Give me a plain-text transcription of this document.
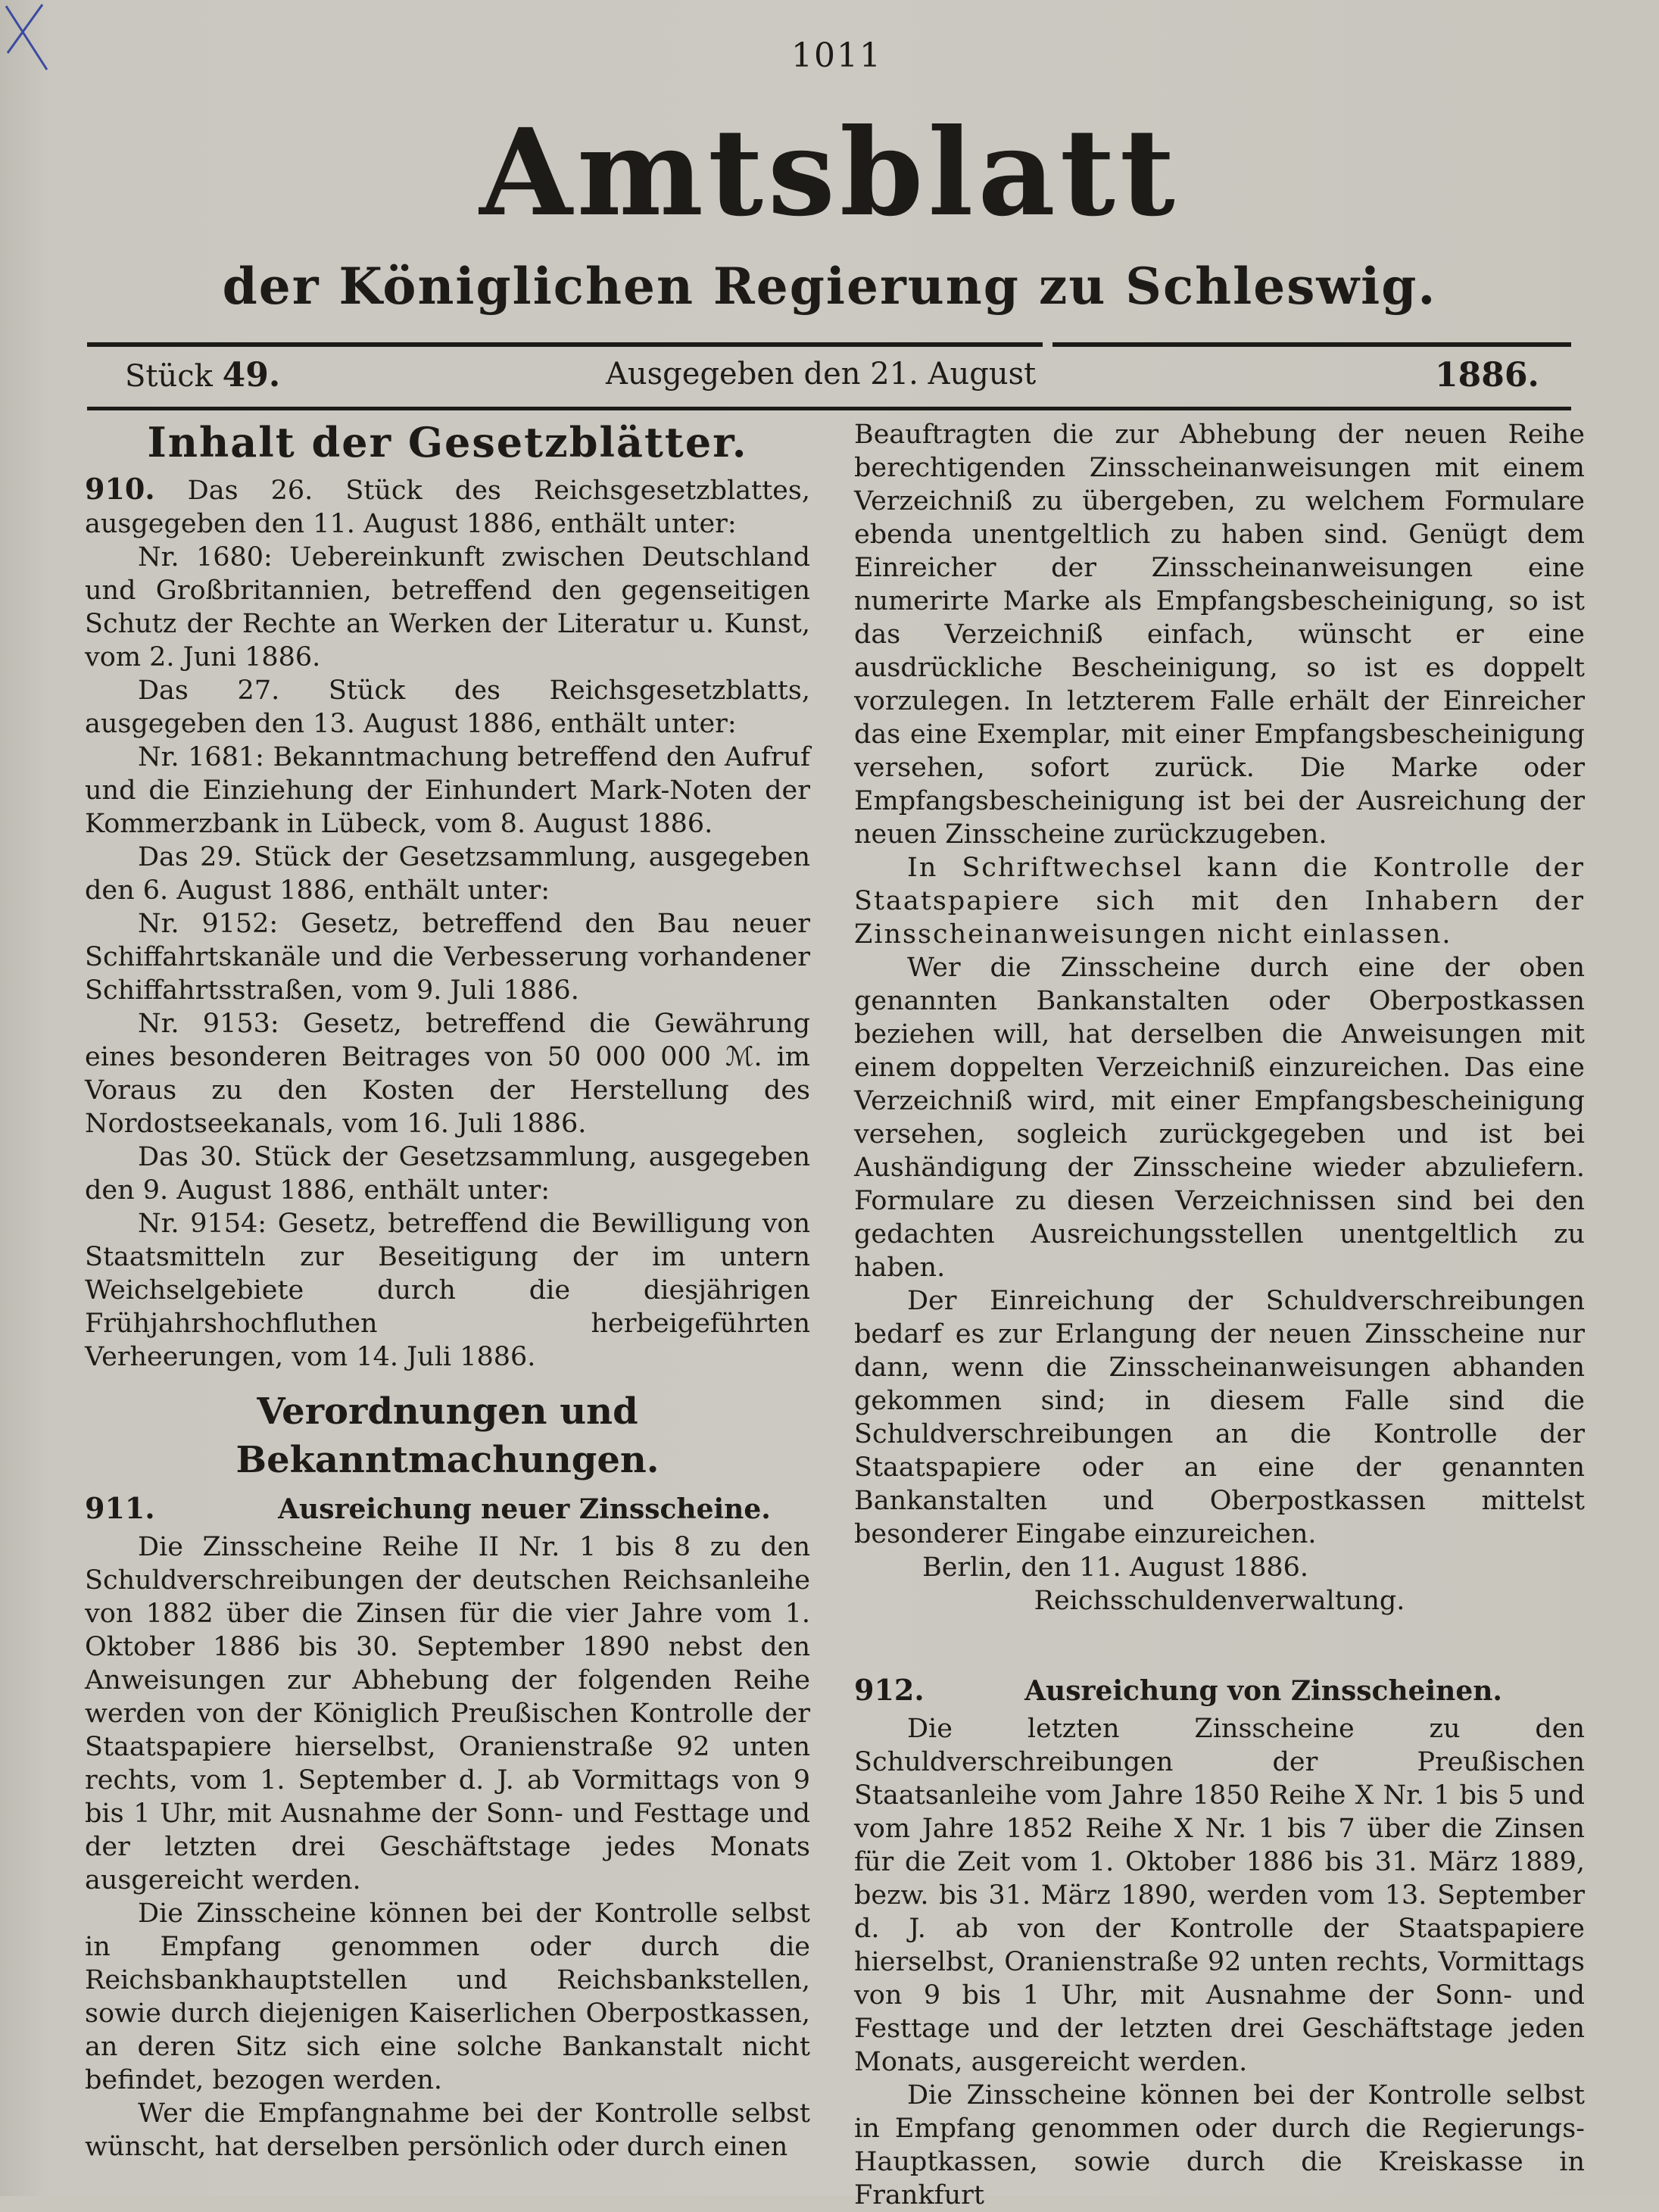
1011
Amtsblatt
der Königlichen Regierung zu Schleswig.
Stück 49.	Ausgegeben den 21. August	1886.
Inhalt der Gesetzblätter.

910. Das 26. Stück des Reichsgesetzblattes, ausgegeben den 11. August 1886, enthält unter:

Nr. 1680: Uebereinkunft zwischen Deutschland und Großbritannien, betreffend den gegenseitigen Schutz der Rechte an Werken der Literatur u. Kunst, vom 2. Juni 1886.

Das 27. Stück des Reichsgesetzblatts, ausgegeben den 13. August 1886, enthält unter:

Nr. 1681: Bekanntmachung betreffend den Aufruf und die Einziehung der Einhundert Mark-Noten der Kommerzbank in Lübeck, vom 8. August 1886.

Das 29. Stück der Gesetzsammlung, ausgegeben den 6. August 1886, enthält unter:

Nr. 9152: Gesetz, betreffend den Bau neuer Schiffahrtskanäle und die Verbesserung vorhandener Schiffahrtsstraßen, vom 9. Juli 1886.

Nr. 9153: Gesetz, betreffend die Gewährung eines besonderen Beitrages von 50 000 000 ℳ. im Voraus zu den Kosten der Herstellung des Nordostseekanals, vom 16. Juli 1886.

Das 30. Stück der Gesetzsammlung, ausgegeben den 9. August 1886, enthält unter:

Nr. 9154: Gesetz, betreffend die Bewilligung von Staatsmitteln zur Beseitigung der im untern Weichselgebiete durch die diesjährigen Frühjahrshochfluthen herbeigeführten Verheerungen, vom 14. Juli 1886.

Verordnungen und Bekanntmachungen.
911.	Ausreichung neuer Zinsscheine.

Die Zinsscheine Reihe II Nr. 1 bis 8 zu den Schuldverschreibungen der deutschen Reichsanleihe von 1882 über die Zinsen für die vier Jahre vom 1. Oktober 1886 bis 30. September 1890 nebst den Anweisungen zur Abhebung der folgenden Reihe werden von der Königlich Preußischen Kontrolle der Staatspapiere hierselbst, Oranienstraße 92 unten rechts, vom 1. September d. J. ab Vormittags von 9 bis 1 Uhr, mit Ausnahme der Sonn- und Festtage und der letzten drei Geschäftstage jedes Monats ausgereicht werden.

Die Zinsscheine können bei der Kontrolle selbst in Empfang genommen oder durch die Reichsbankhauptstellen und Reichsbankstellen, sowie durch diejenigen Kaiserlichen Oberpostkassen, an deren Sitz sich eine solche Bankanstalt nicht befindet, bezogen werden.

Wer die Empfangnahme bei der Kontrolle selbst wünscht, hat derselben persönlich oder durch einen

Beauftragten die zur Abhebung der neuen Reihe berechtigenden Zinsscheinanweisungen mit einem Verzeichniß zu übergeben, zu welchem Formulare ebenda unentgeltlich zu haben sind. Genügt dem Einreicher der Zinsscheinanweisungen eine numerirte Marke als Empfangsbescheinigung, so ist das Verzeichniß einfach, wünscht er eine ausdrückliche Bescheinigung, so ist es doppelt vorzulegen. In letzterem Falle erhält der Einreicher das eine Exemplar, mit einer Empfangsbescheinigung versehen, sofort zurück. Die Marke oder Empfangsbescheinigung ist bei der Ausreichung der neuen Zinsscheine zurückzugeben.

In Schriftwechsel kann die Kontrolle der Staatspapiere sich mit den Inhabern der Zinsscheinanweisungen nicht einlassen.

Wer die Zinsscheine durch eine der oben genannten Bankanstalten oder Oberpostkassen beziehen will, hat derselben die Anweisungen mit einem doppelten Verzeichniß einzureichen. Das eine Verzeichniß wird, mit einer Empfangsbescheinigung versehen, sogleich zurückgegeben und ist bei Aushändigung der Zinsscheine wieder abzuliefern. Formulare zu diesen Verzeichnissen sind bei den gedachten Ausreichungsstellen unentgeltlich zu haben.

Der Einreichung der Schuldverschreibungen bedarf es zur Erlangung der neuen Zinsscheine nur dann, wenn die Zinsscheinanweisungen abhanden gekommen sind; in diesem Falle sind die Schuldverschreibungen an die Kontrolle der Staatspapiere oder an eine der genannten Bankanstalten und Oberpostkassen mittelst besonderer Eingabe einzureichen.

Berlin, den 11. August 1886.

Reichsschuldenverwaltung.

912.	Ausreichung von Zinsscheinen.

Die letzten Zinsscheine zu den Schuldverschreibungen der Preußischen Staatsanleihe vom Jahre 1850 Reihe X Nr. 1 bis 5 und vom Jahre 1852 Reihe X Nr. 1 bis 7 über die Zinsen für die Zeit vom 1. Oktober 1886 bis 31. März 1889, bezw. bis 31. März 1890, werden vom 13. September d. J. ab von der Kontrolle der Staatspapiere hierselbst, Oranienstraße 92 unten rechts, Vormittags von 9 bis 1 Uhr, mit Ausnahme der Sonn- und Festtage und der letzten drei Geschäftstage jeden Monats, ausgereicht werden.

Die Zinsscheine können bei der Kontrolle selbst in Empfang genommen oder durch die Regierungs-Hauptkassen, sowie durch die Kreiskasse in Frankfurt
